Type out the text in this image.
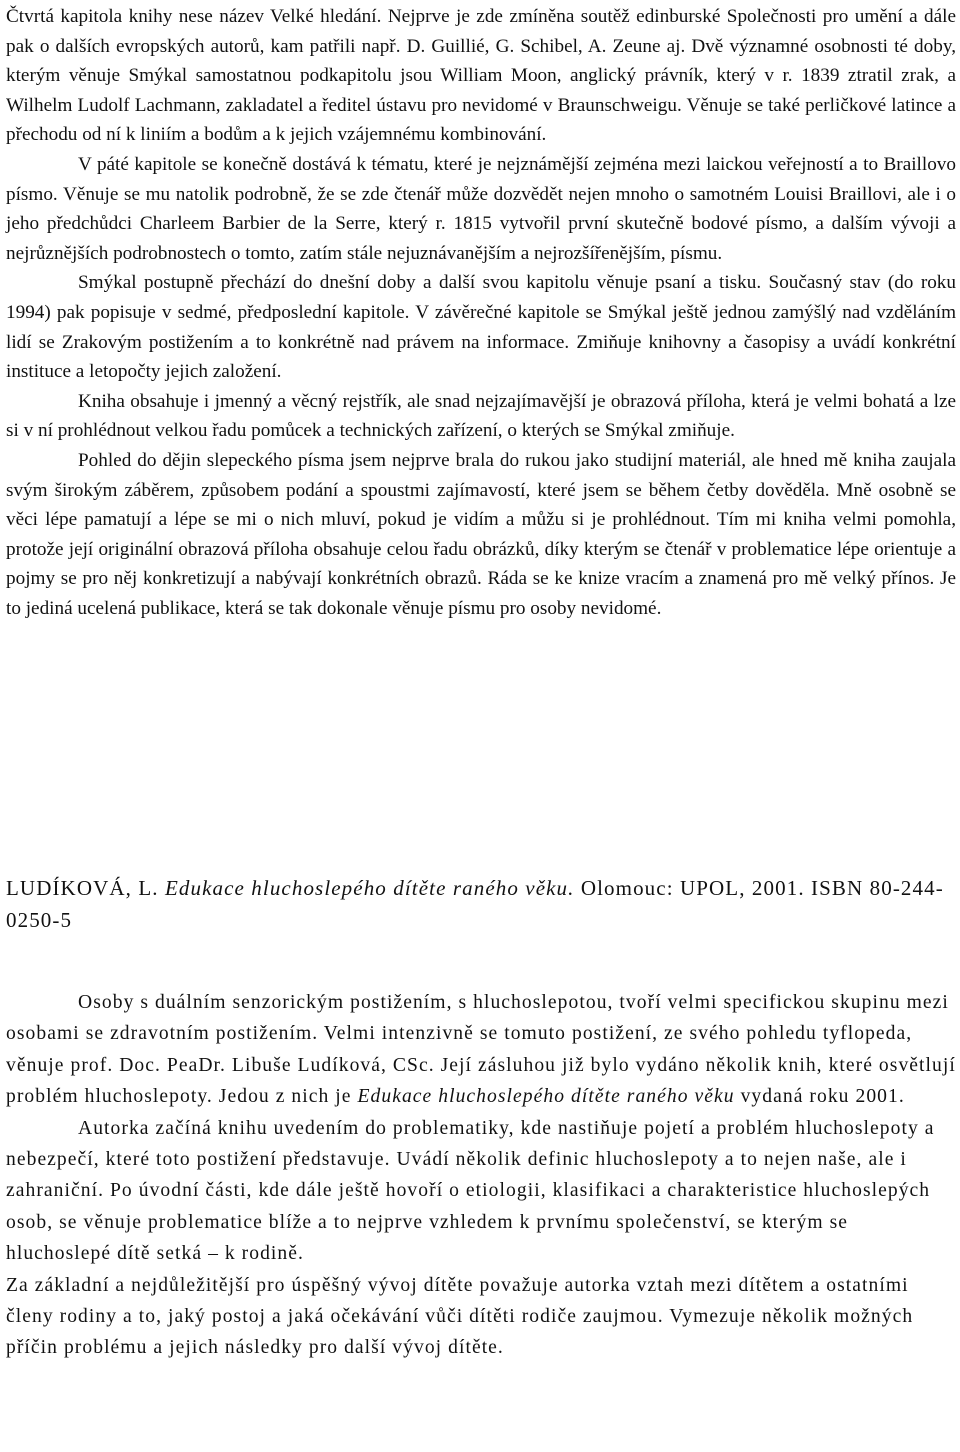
Čtvrtá kapitola knihy nese název Velké hledání. Nejprve je zde zmíněna soutěž edinburské Společnosti pro umění a dále pak o dalších evropských autorů, kam patřili např. D. Guillié, G. Schibel, A. Zeune aj. Dvě významné osobnosti té doby, kterým věnuje Smýkal samostatnou podkapitolu jsou William Moon, anglický právník, který v r. 1839 ztratil zrak, a Wilhelm Ludolf Lachmann, zakladatel a ředitel ústavu pro nevidomé v Braunschweigu. Věnuje se také perličkové latince a přechodu od ní k liniím a bodům a k jejich vzájemnému kombinování.

V páté kapitole se konečně dostává k tématu, které je nejznámější zejména mezi laickou veřejností a to Braillovo písmo. Věnuje se mu natolik podrobně, že se zde čtenář může dozvědět nejen mnoho o samotném Louisi Braillovi, ale i o jeho předchůdci Charleem Barbier de la Serre, který r. 1815 vytvořil první skutečně bodové písmo, a dalším vývoji a nejrůznějších podrobnostech o tomto, zatím stále nejuznávanějším a nejrozšířenějším, písmu.

Smýkal postupně přechází do dnešní doby a další svou kapitolu věnuje psaní a tisku. Současný stav (do roku 1994) pak popisuje v sedmé, předposlední kapitole. V závěrečné kapitole se Smýkal ještě jednou zamýšlý nad vzděláním lidí se Zrakovým postižením a to konkrétně nad právem na informace. Zmiňuje knihovny a časopisy a uvádí konkrétní instituce a letopočty jejich založení.

Kniha obsahuje i jmenný a věcný rejstřík, ale snad nejzajímavější je obrazová příloha, která je velmi bohatá a lze si v ní prohlédnout velkou řadu pomůcek a technických zařízení, o kterých se Smýkal zmiňuje.

Pohled do dějin slepeckého písma jsem nejprve brala do rukou jako studijní materiál, ale hned mě kniha zaujala svým širokým záběrem, způsobem podání a spoustmi zajímavostí, které jsem se během četby dověděla. Mně osobně se věci lépe pamatují a lépe se mi o nich mluví, pokud je vidím a můžu si je prohlédnout. Tím mi kniha velmi pomohla, protože její originální obrazová příloha obsahuje celou řadu obrázků, díky kterým se čtenář v problematice lépe orientuje a pojmy se pro něj konkretizují a nabývají konkrétních obrazů. Ráda se ke knize vracím a znamená pro mě velký přínos. Je to jediná ucelená publikace, která se tak dokonale věnuje písmu pro osoby nevidomé.

LUDÍKOVÁ, L. Edukace hluchoslepého dítěte raného věku. Olomouc: UPOL, 2001. ISBN 80-244-0250-5

Osoby s duálním senzorickým postižením, s hluchoslepotou, tvoří velmi specifickou skupinu mezi osobami se zdravotním postižením. Velmi intenzivně se tomuto postižení, ze svého pohledu tyflopeda, věnuje prof. Doc. PeaDr. Libuše Ludíková, CSc. Její zásluhou již bylo vydáno několik knih, které osvětlují problém hluchoslepoty. Jedou z nich je Edukace hluchoslepého dítěte raného věku vydaná roku 2001.

Autorka začíná knihu uvedením do problematiky, kde nastiňuje pojetí a problém hluchoslepoty a nebezpečí, které toto postižení představuje. Uvádí několik definic hluchoslepoty a to nejen naše, ale i zahraniční. Po úvodní části, kde dále ještě hovoří o etiologii, klasifikaci a charakteristice hluchoslepých osob, se věnuje problematice blíže a to nejprve vzhledem k prvnímu společenství, se kterým se hluchoslepé dítě setká – k rodině.

Za základní a nejdůležitější pro úspěšný vývoj dítěte považuje autorka vztah mezi dítětem a ostatními členy rodiny a to, jaký postoj a jaká očekávání vůči dítěti rodiče zaujmou. Vymezuje několik možných příčin problému a jejich následky pro další vývoj dítěte.
